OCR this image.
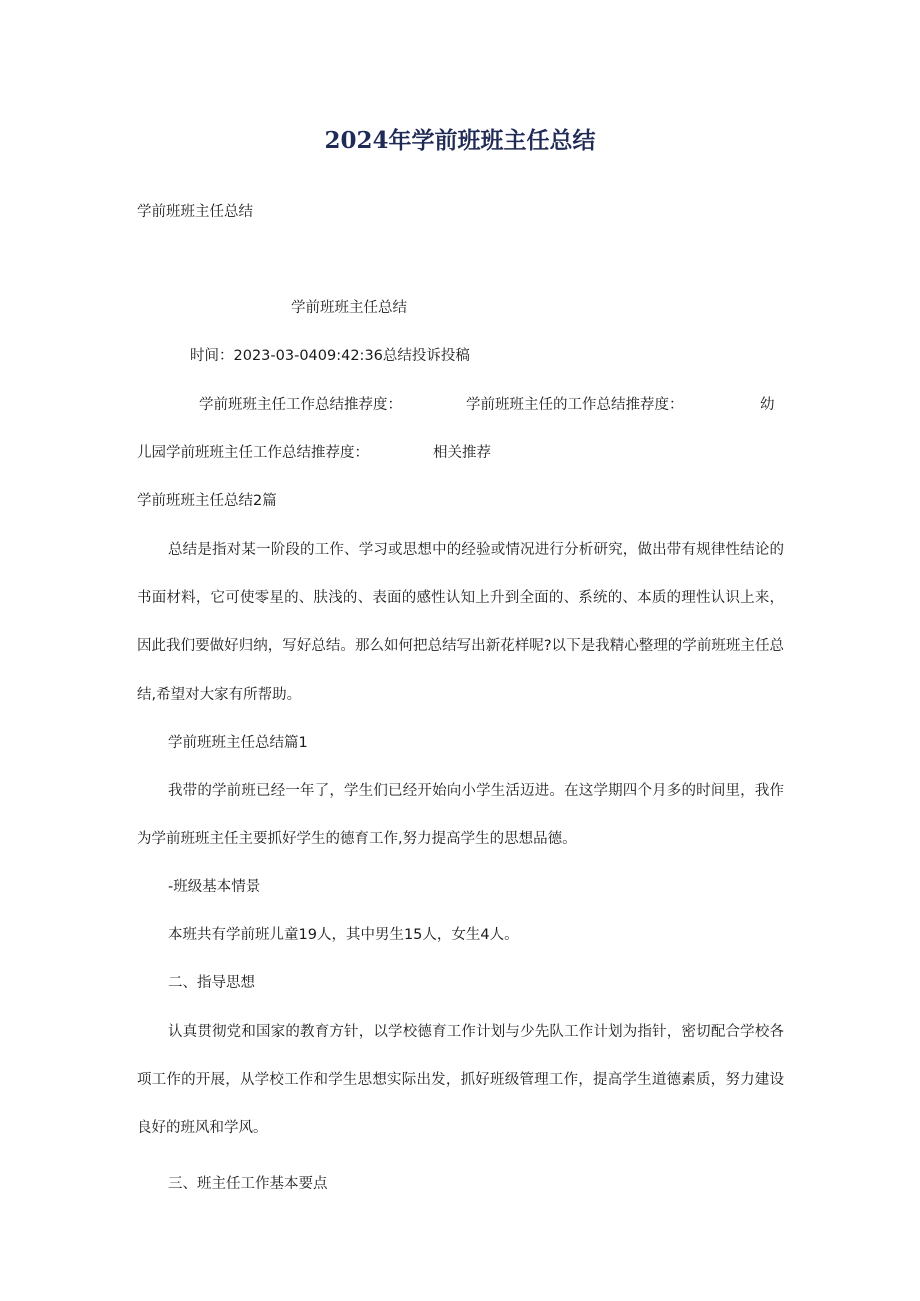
2024年学前班班主任总结
学前班班主任总结
学前班班主任总结
时间：2023-03-0409:42:36总结投诉投稿
学前班班主任工作总结推荐度：	学前班班主任的工作总结推荐度：	幼
儿园学前班班主任工作总结推荐度：	相关推荐
学前班班主任总结2篇
总结是指对某一阶段的工作、学习或思想中的经验或情况进行分析研究，做出带有规律性结论的
书面材料，它可使零星的、肤浅的、表面的感性认知上升到全面的、系统的、本质的理性认识上来，
因此我们要做好归纳，写好总结。那么如何把总结写出新花样呢?以下是我精心整理的学前班班主任总
结,希望对大家有所帮助。
学前班班主任总结篇1
我带的学前班已经一年了，学生们已经开始向小学生活迈进。在这学期四个月多的时间里，我作
为学前班班主任主要抓好学生的德育工作,努力提高学生的思想品德。
-班级基本情景
本班共有学前班儿童19人，其中男生15人，女生4人。
二、指导思想
认真贯彻党和国家的教育方针，以学校德育工作计划与少先队工作计划为指针，密切配合学校各
项工作的开展，从学校工作和学生思想实际出发，抓好班级管理工作，提高学生道德素质，努力建设
良好的班风和学风。
三、班主任工作基本要点
